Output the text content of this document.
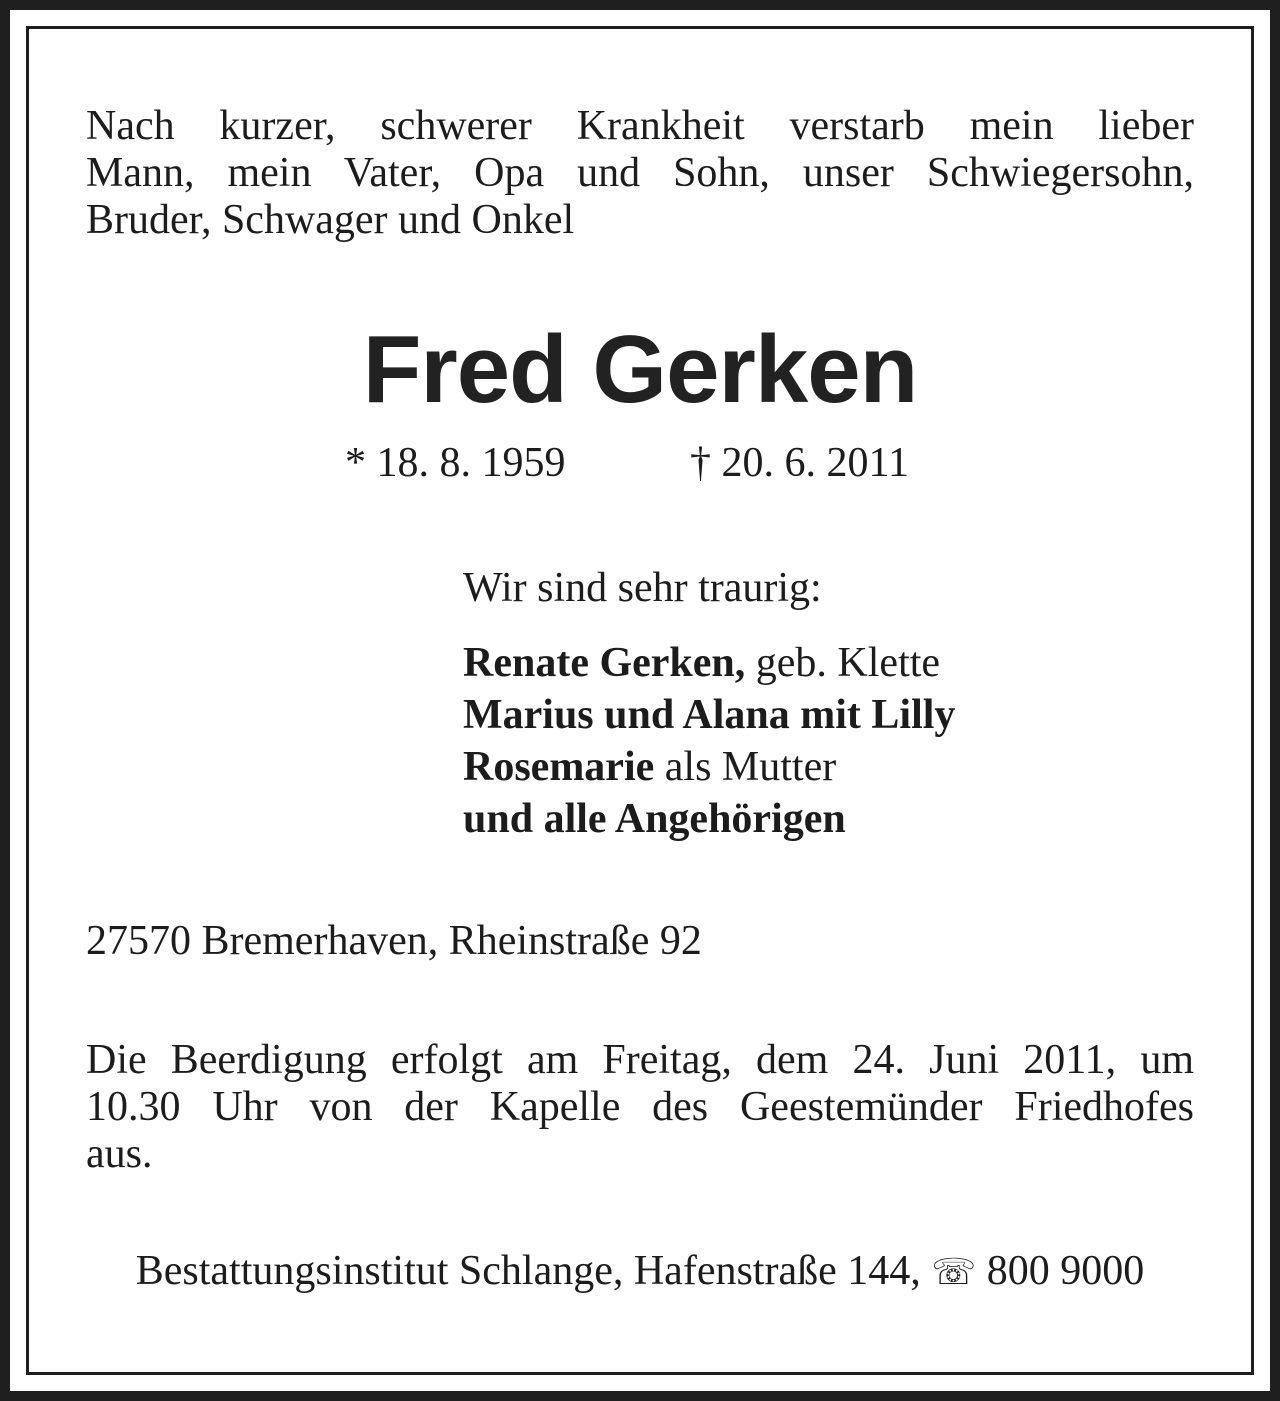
Nach kurzer, schwerer Krankheit verstarb mein lieber
Mann, mein Vater, Opa und Sohn, unser Schwiegersohn,
Bruder, Schwager und Onkel
Fred Gerken
* 18. 8. 1959	† 20. 6. 2011
Wir sind sehr traurig:
Renate Gerken, geb. Klette
Marius und Alana mit Lilly
Rosemarie als Mutter
und alle Angehörigen
27570 Bremerhaven, Rheinstraße 92
Die Beerdigung erfolgt am Freitag, dem 24. Juni 2011, um
10.30 Uhr von der Kapelle des Geestemünder Friedhofes
aus.
Bestattungsinstitut Schlange, Hafenstraße 144, ☏ 800 9000
